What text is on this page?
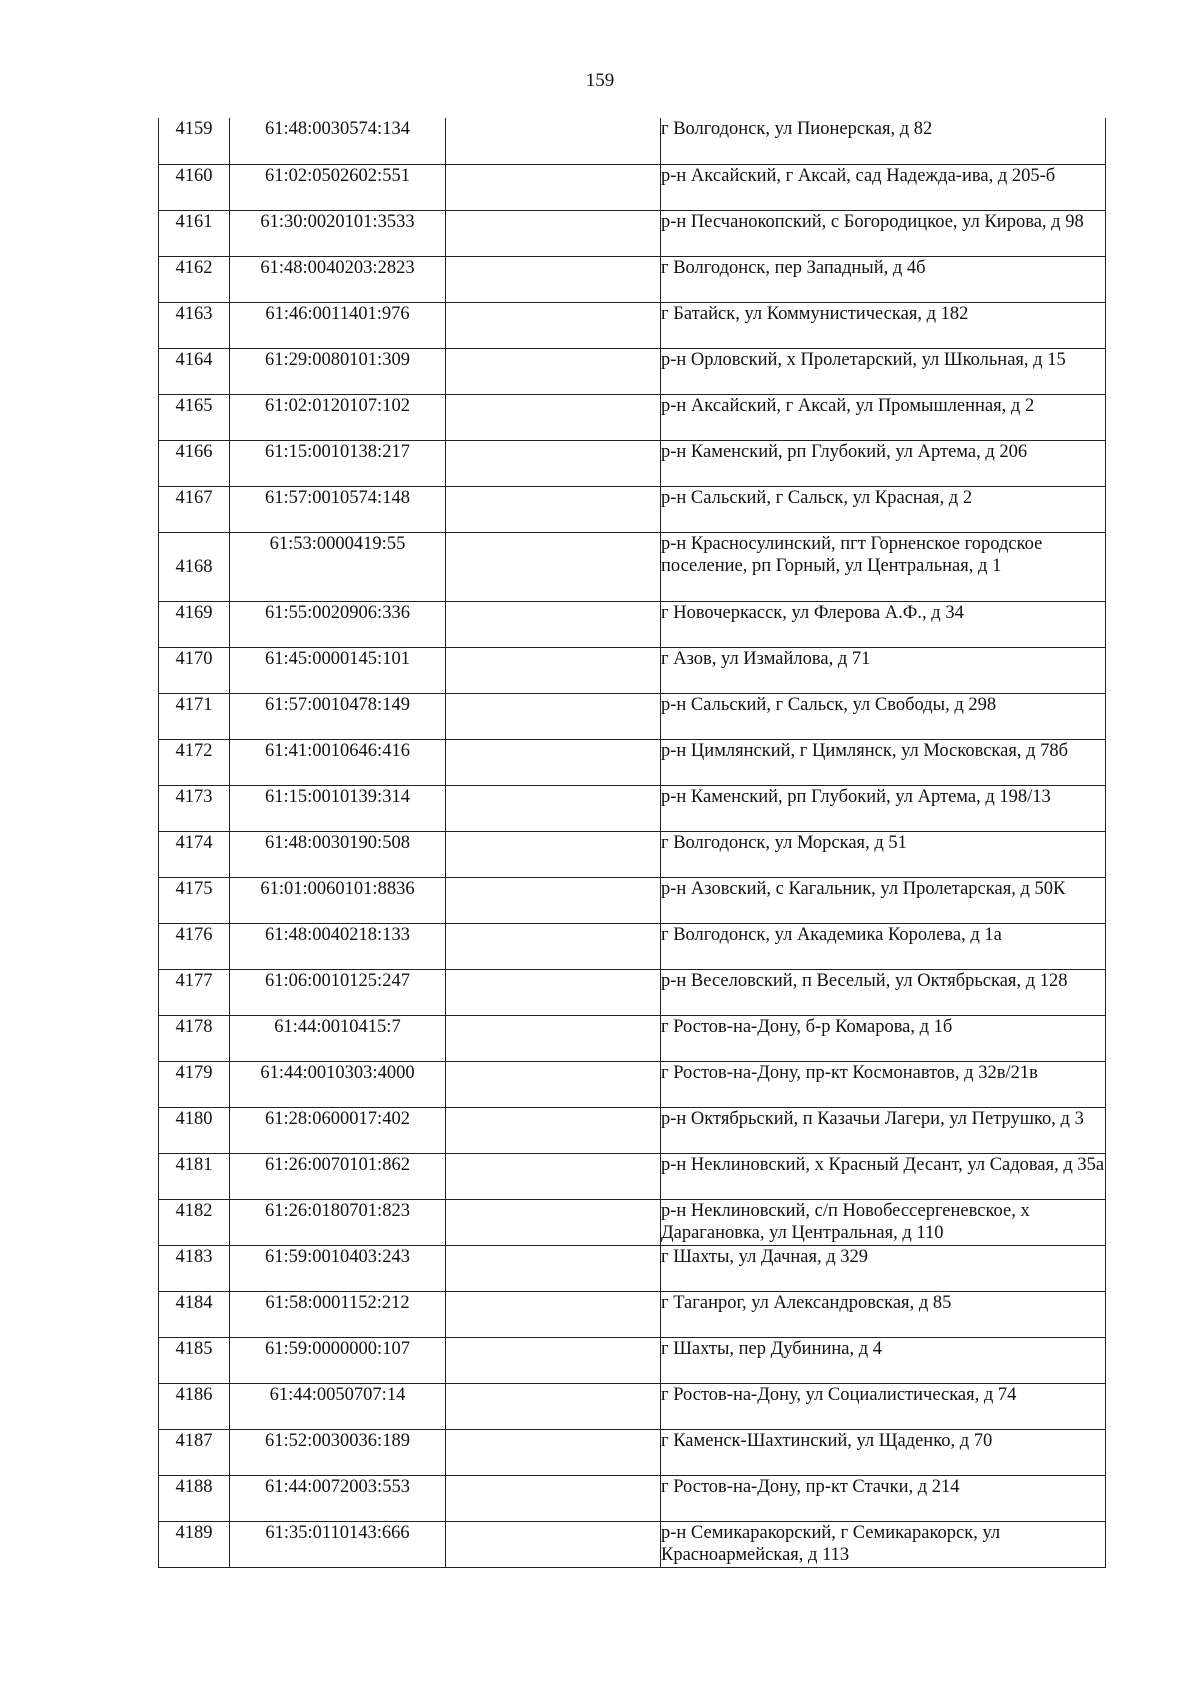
159
4159	61:48:0030574:134		г Волгодонск, ул Пионерская, д 82
4160	61:02:0502602:551		р-н Аксайский, г Аксай, сад Надежда-ива, д 205-б
4161	61:30:0020101:3533		р-н Песчанокопский, с Богородицкое, ул Кирова, д 98
4162	61:48:0040203:2823		г Волгодонск, пер Западный, д 4б
4163	61:46:0011401:976		г Батайск, ул Коммунистическая, д 182
4164	61:29:0080101:309		р-н Орловский, х Пролетарский, ул Школьная, д 15
4165	61:02:0120107:102		р-н Аксайский, г Аксай, ул Промышленная, д 2
4166	61:15:0010138:217		р-н Каменский, рп Глубокий, ул Артема, д 206
4167	61:57:0010574:148		р-н Сальский, г Сальск, ул Красная, д 2
4168	61:53:0000419:55		р-н Красносулинский, пгт Горненское городское поселение, рп Горный, ул Центральная, д 1
4169	61:55:0020906:336		г Новочеркасск, ул Флерова А.Ф., д 34
4170	61:45:0000145:101		г Азов, ул Измайлова, д 71
4171	61:57:0010478:149		р-н Сальский, г Сальск, ул Свободы, д 298
4172	61:41:0010646:416		р-н Цимлянский, г Цимлянск, ул Московская, д 78б
4173	61:15:0010139:314		р-н Каменский, рп Глубокий, ул Артема, д 198/13
4174	61:48:0030190:508		г Волгодонск, ул Морская, д 51
4175	61:01:0060101:8836		р-н Азовский, с Кагальник, ул Пролетарская, д 50К
4176	61:48:0040218:133		г Волгодонск, ул Академика Королева, д 1а
4177	61:06:0010125:247		р-н Веселовский, п Веселый, ул Октябрьская, д 128
4178	61:44:0010415:7		г Ростов-на-Дону, б-р Комарова, д 1б
4179	61:44:0010303:4000		г Ростов-на-Дону, пр-кт Космонавтов, д 32в/21в
4180	61:28:0600017:402		р-н Октябрьский, п Казачьи Лагери, ул Петрушко, д 3
4181	61:26:0070101:862		р-н Неклиновский, х Красный Десант, ул Садовая, д 35а
4182	61:26:0180701:823		р-н Неклиновский, с/п Новобессергеневское, х Дарагановка, ул Центральная, д 110
4183	61:59:0010403:243		г Шахты, ул Дачная, д 329
4184	61:58:0001152:212		г Таганрог, ул Александровская, д 85
4185	61:59:0000000:107		г Шахты, пер Дубинина, д 4
4186	61:44:0050707:14		г Ростов-на-Дону, ул Социалистическая, д 74
4187	61:52:0030036:189		г Каменск-Шахтинский, ул Щаденко, д 70
4188	61:44:0072003:553		г Ростов-на-Дону, пр-кт Стачки, д 214
4189	61:35:0110143:666		р-н Семикаракорский, г Семикаракорск, ул Красноармейская, д 113
